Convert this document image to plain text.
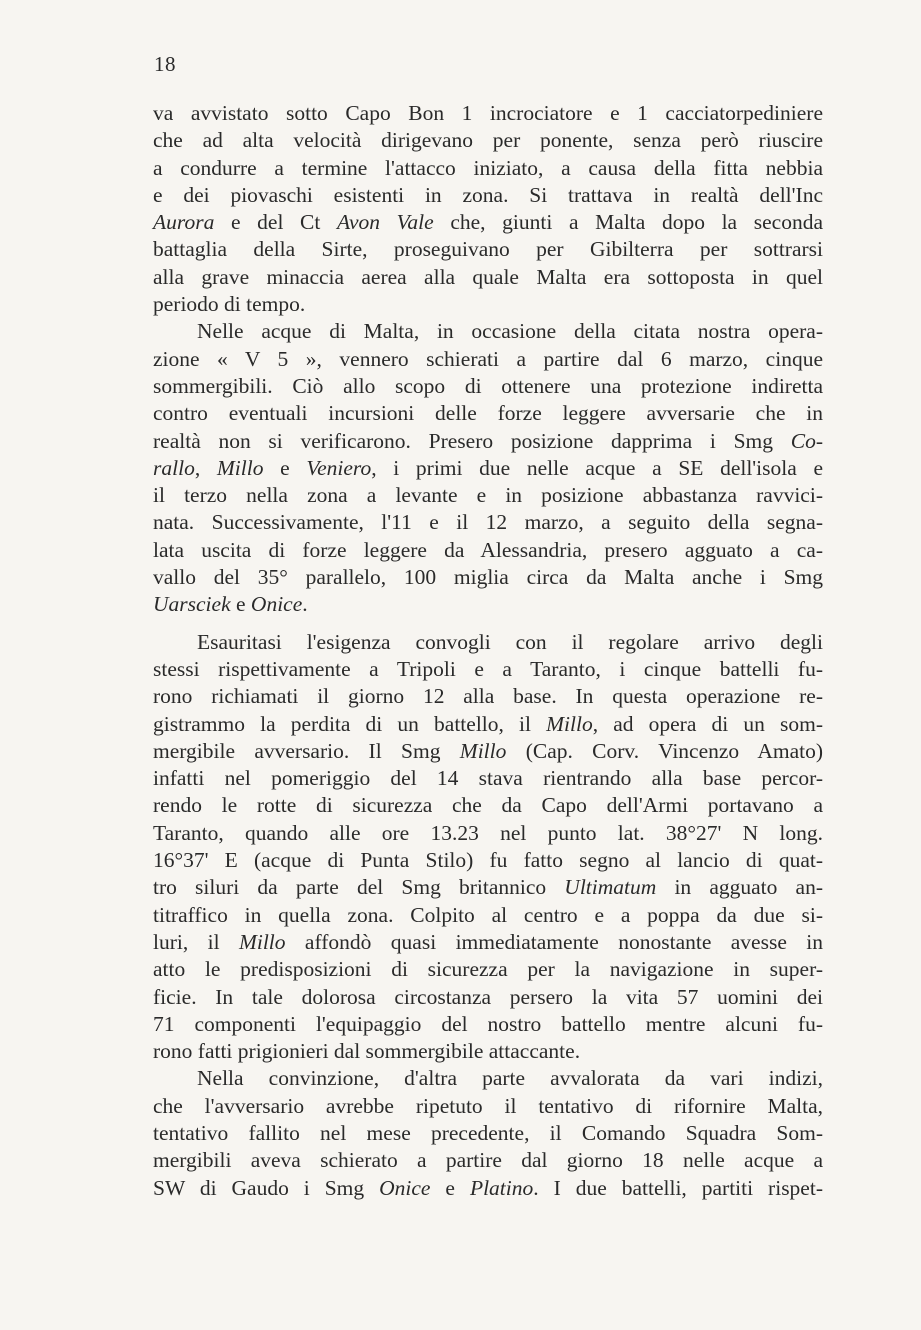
18

va avvistato sotto Capo Bon 1 incrociatore e 1 cacciatorpediniere
che ad alta velocità dirigevano per ponente, senza però riuscire
a condurre a termine l'attacco iniziato, a causa della fitta nebbia
e dei piovaschi esistenti in zona. Si trattava in realtà dell'Inc
Aurora e del Ct Avon Vale che, giunti a Malta dopo la seconda
battaglia della Sirte, proseguivano per Gibilterra per sottrarsi
alla grave minaccia aerea alla quale Malta era sottoposta in quel
periodo di tempo.

Nelle acque di Malta, in occasione della citata nostra opera-
zione « V 5 », vennero schierati a partire dal 6 marzo, cinque
sommergibili. Ciò allo scopo di ottenere una protezione indiretta
contro eventuali incursioni delle forze leggere avversarie che in
realtà non si verificarono. Presero posizione dapprima i Smg Co-
rallo, Millo e Veniero, i primi due nelle acque a SE dell'isola e
il terzo nella zona a levante e in posizione abbastanza ravvici-
nata. Successivamente, l'11 e il 12 marzo, a seguito della segna-
lata uscita di forze leggere da Alessandria, presero agguato a ca-
vallo del 35° parallelo, 100 miglia circa da Malta anche i Smg
Uarsciek e Onice.

Esauritasi l'esigenza convogli con il regolare arrivo degli
stessi rispettivamente a Tripoli e a Taranto, i cinque battelli fu-
rono richiamati il giorno 12 alla base. In questa operazione re-
gistrammo la perdita di un battello, il Millo, ad opera di un som-
mergibile avversario. Il Smg Millo (Cap. Corv. Vincenzo Amato)
infatti nel pomeriggio del 14 stava rientrando alla base percor-
rendo le rotte di sicurezza che da Capo dell'Armi portavano a
Taranto, quando alle ore 13.23 nel punto lat. 38°27' N long.
16°37' E (acque di Punta Stilo) fu fatto segno al lancio di quat-
tro siluri da parte del Smg britannico Ultimatum in agguato an-
titraffico in quella zona. Colpito al centro e a poppa da due si-
luri, il Millo affondò quasi immediatamente nonostante avesse in
atto le predisposizioni di sicurezza per la navigazione in super-
ficie. In tale dolorosa circostanza persero la vita 57 uomini dei
71 componenti l'equipaggio del nostro battello mentre alcuni fu-
rono fatti prigionieri dal sommergibile attaccante.

Nella convinzione, d'altra parte avvalorata da vari indizi,
che l'avversario avrebbe ripetuto il tentativo di rifornire Malta,
tentativo fallito nel mese precedente, il Comando Squadra Som-
mergibili aveva schierato a partire dal giorno 18 nelle acque a
SW di Gaudo i Smg Onice e Platino. I due battelli, partiti rispet-
